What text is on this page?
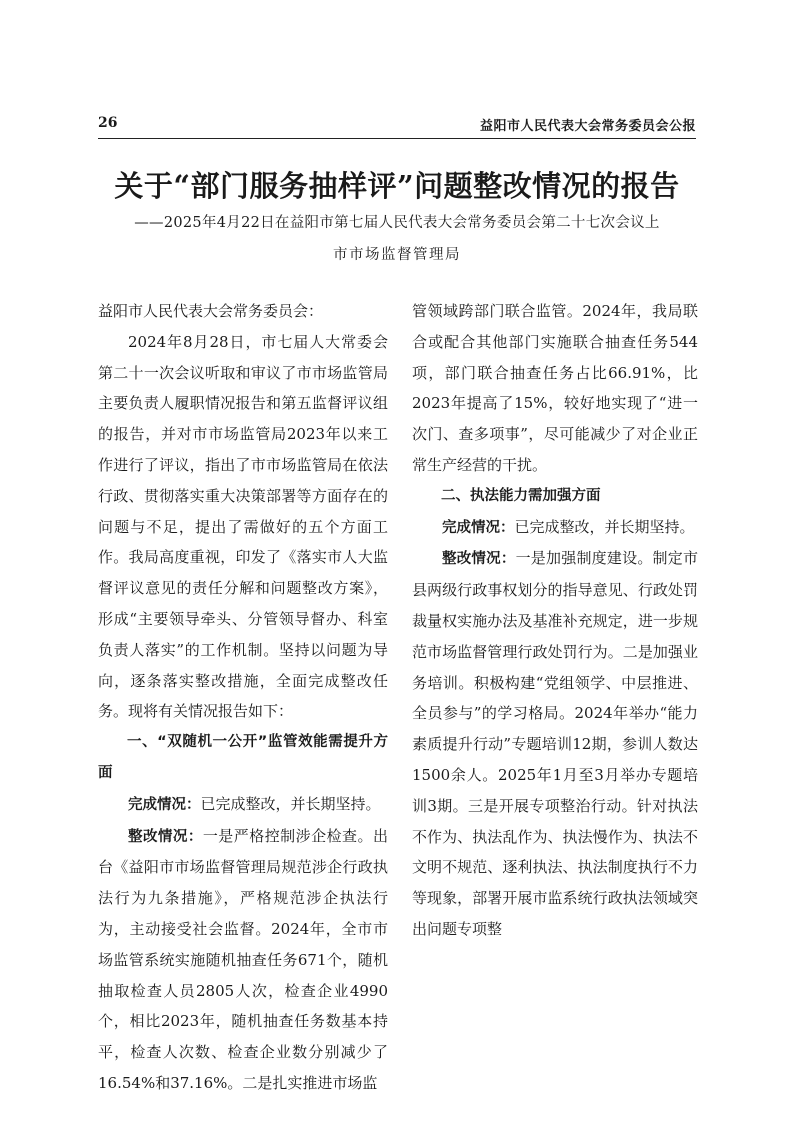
26	益阳市人民代表大会常务委员会公报
关于“部门服务抽样评”问题整改情况的报告
——2025年4月22日在益阳市第七届人民代表大会常务委员会第二十七次会议上
市市场监督管理局

益阳市人民代表大会常务委员会：

2024年8月28日，市七届人大常委会第二十一次会议听取和审议了市市场监管局主要负责人履职情况报告和第五监督评议组的报告，并对市市场监管局2023年以来工作进行了评议，指出了市市场监管局在依法行政、贯彻落实重大决策部署等方面存在的问题与不足，提出了需做好的五个方面工作。我局高度重视，印发了《落实市人大监督评议意见的责任分解和问题整改方案》，形成“主要领导牵头、分管领导督办、科室负责人落实”的工作机制。坚持以问题为导向，逐条落实整改措施，全面完成整改任务。现将有关情况报告如下：

一、“双随机一公开”监管效能需提升方面

完成情况：已完成整改，并长期坚持。

整改情况：一是严格控制涉企检查。出台《益阳市市场监督管理局规范涉企行政执法行为九条措施》，严格规范涉企执法行为，主动接受社会监督。2024年，全市市场监管系统实施随机抽查任务671个，随机抽取检查人员2805人次，检查企业4990个，相比2023年，随机抽查任务数基本持平，检查人次数、检查企业数分别减少了16.54%和37.16%。二是扎实推进市场监

管领域跨部门联合监管。2024年，我局联合或配合其他部门实施联合抽查任务544项，部门联合抽查任务占比66.91%，比2023年提高了15%，较好地实现了“进一次门、查多项事”，尽可能减少了对企业正常生产经营的干扰。

二、执法能力需加强方面

完成情况：已完成整改，并长期坚持。

整改情况：一是加强制度建设。制定市县两级行政事权划分的指导意见、行政处罚裁量权实施办法及基准补充规定，进一步规范市场监督管理行政处罚行为。二是加强业务培训。积极构建“党组领学、中层推进、全员参与”的学习格局。2024年举办“能力素质提升行动”专题培训12期，参训人数达1500余人。2025年1月至3月举办专题培训3期。三是开展专项整治行动。针对执法不作为、执法乱作为、执法慢作为、执法不文明不规范、逐利执法、执法制度执行不力等现象，部署开展市监系统行政执法领域突出问题专项整
